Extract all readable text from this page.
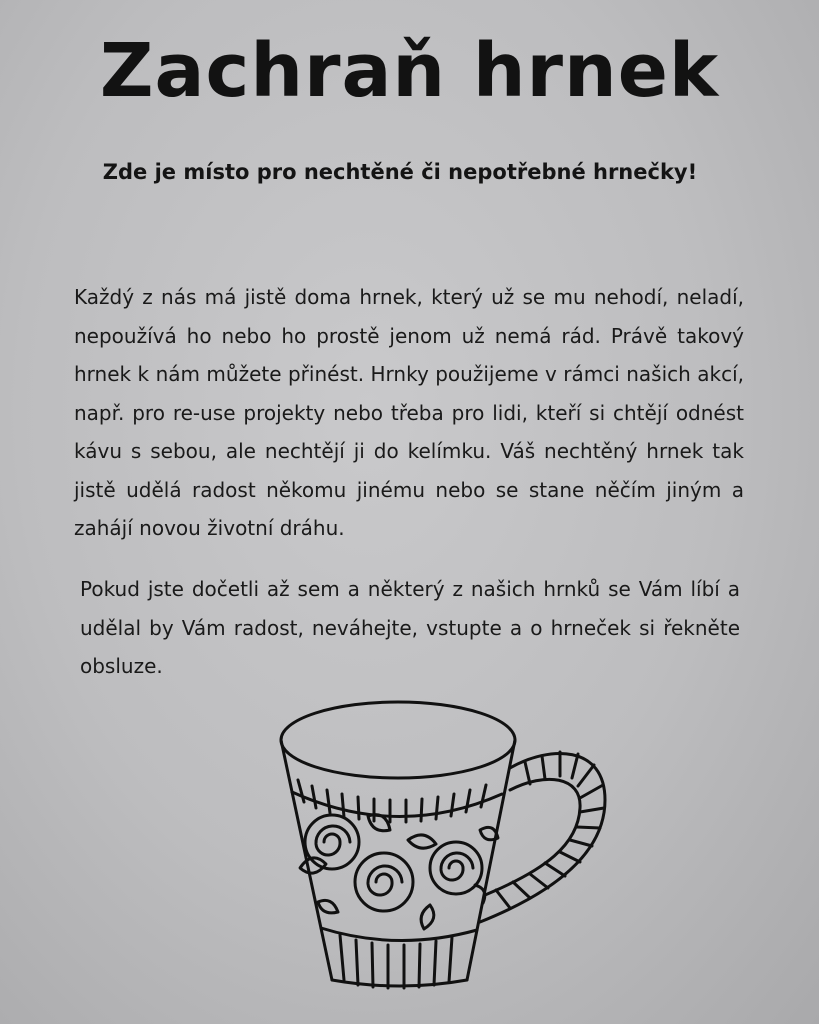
Zachraň hrnek

Zde je místo pro nechtěné či nepotřebné hrnečky!

Každý z nás má jistě doma hrnek, který už se mu nehodí, neladí, nepoužívá ho nebo ho prostě jenom už nemá rád. Právě takový hrnek k nám můžete přinést. Hrnky použijeme v rámci našich akcí, např. pro re-use projekty nebo třeba pro lidi, kteří si chtějí odnést kávu s sebou, ale nechtějí ji do kelímku. Váš nechtěný hrnek tak jistě udělá radost někomu jinému nebo se stane něčím jiným a zahájí novou životní dráhu.

Pokud jste dočetli až sem a některý z našich hrnků se Vám líbí a udělal by Vám radost, neváhejte, vstupte a o hrneček si řekněte obsluze.
